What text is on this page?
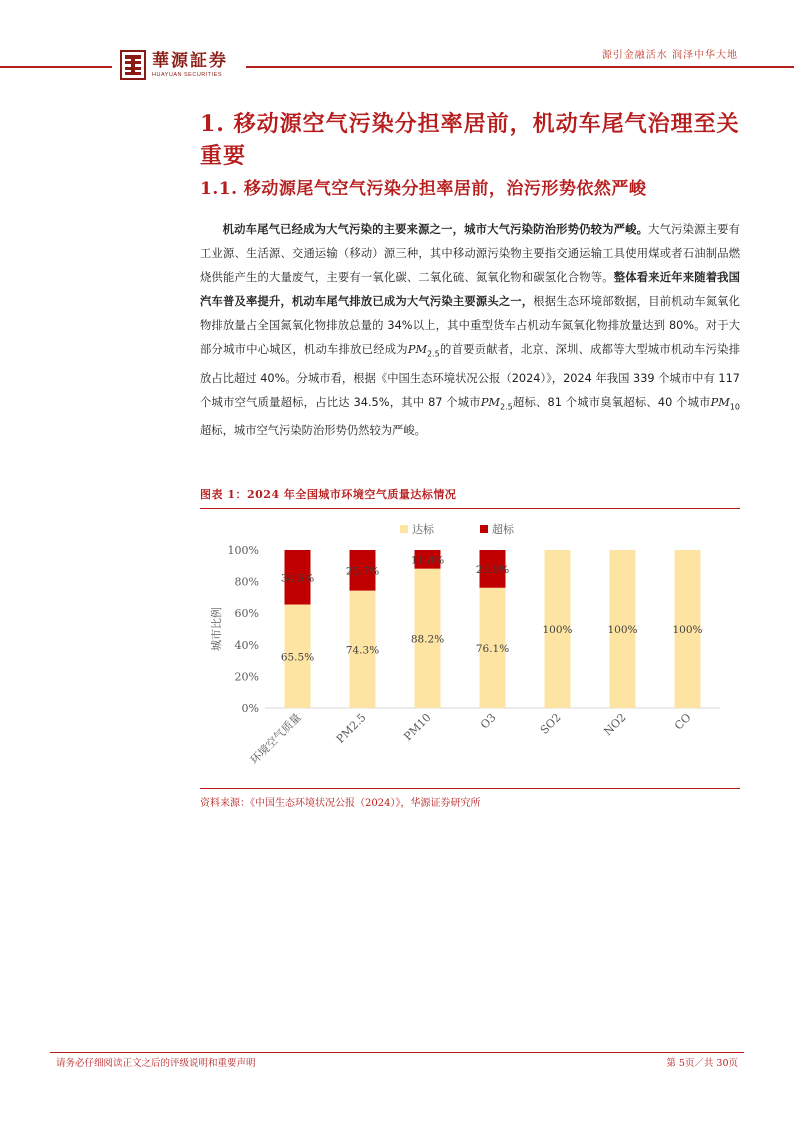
華源証券
HUAYUAN SECURITIES
源引金融活水 润泽中华大地
1. 移动源空气污染分担率居前，机动车尾气治理至关重要
1.1. 移动源尾气空气污染分担率居前，治污形势依然严峻

机动车尾气已经成为大气污染的主要来源之一，城市大气污染防治形势仍较为严峻。大气污染源主要有工业源、生活源、交通运输（移动）源三种，其中移动源污染物主要指交通运输工具使用煤或者石油制品燃烧供能产生的大量废气，主要有一氧化碳、二氧化硫、氮氧化物和碳氢化合物等。整体看来近年来随着我国汽车普及率提升，机动车尾气排放已成为大气污染主要源头之一，根据生态环境部数据，目前机动车氮氧化物排放量占全国氮氧化物排放总量的 34%以上，其中重型货车占机动车氮氧化物排放量达到 80%。对于大部分城市中心城区，机动车排放已经成为$PM_{2.5}$的首要贡献者，北京、深圳、成都等大型城市机动车污染排放占比超过 40%。分城市看，根据《中国生态环境状况公报（2024）》，2024 年我国 339 个城市中有 117 个城市空气质量超标，占比达 34.5%，其中 87 个城市$PM_{2.5}$超标、81 个城市臭氧超标、40 个城市$PM_{10}$超标，城市空气污染防治形势仍然较为严峻。

图表 1：2024 年全国城市环境空气质量达标情况
达标	超标
城市比例
0%
20%
40%
60%
80%
100%
65.5%
34.5%
环境空气质量
74.3%
25.7%
PM2.5
88.2%
11.8%
PM10
76.1%
23.9%
O3
100%
SO2
100%
NO2
100%
CO
资料来源：《中国生态环境状况公报（2024）》，华源证券研究所
请务必仔细阅读正文之后的评级说明和重要声明	第 5页／共 30页
